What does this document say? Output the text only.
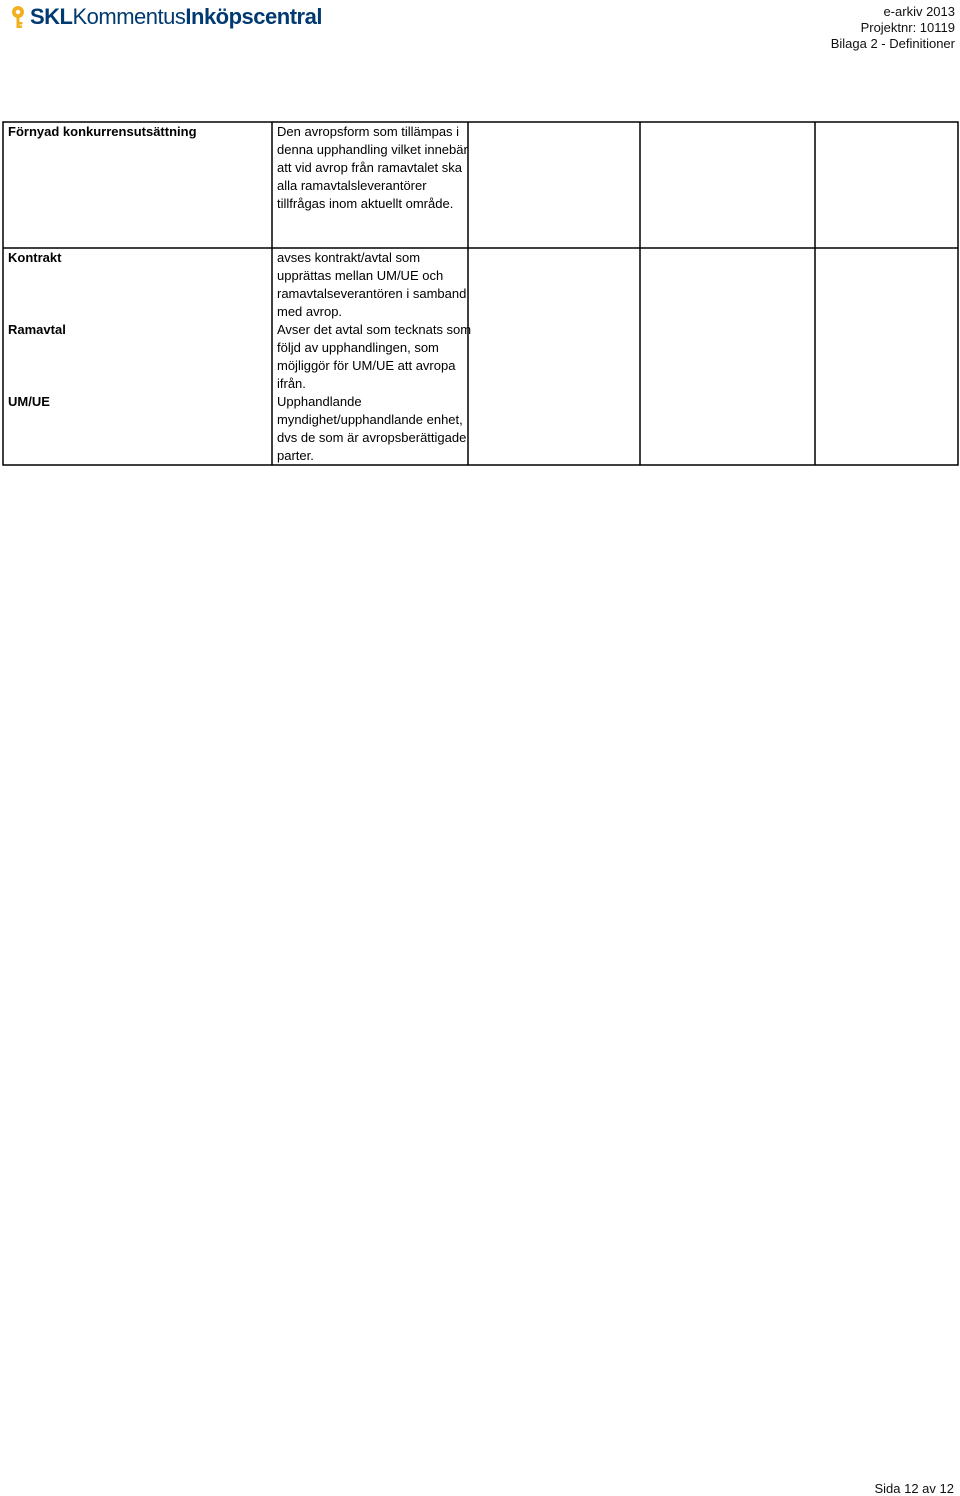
SKLKommentusInköpscentral	e-arkiv 2013
Projektnr: 10119
Bilaga 2 - Definitioner
Förnyad konkurrensutsättning	Den avropsform som tillämpas i
denna upphandling vilket innebär
att vid avrop från ramavtalet ska
alla ramavtalsleverantörer
tillfrågas inom aktuellt område.
Kontrakt	avses kontrakt/avtal som
upprättas mellan UM/UE och
ramavtalseverantören i samband
med avrop.
Ramavtal	Avser det avtal som tecknats som
följd av upphandlingen, som
möjliggör för UM/UE att avropa
ifrån.
UM/UE	Upphandlande
myndighet/upphandlande enhet,
dvs de som är avropsberättigade
parter.
Sida 12 av 12
